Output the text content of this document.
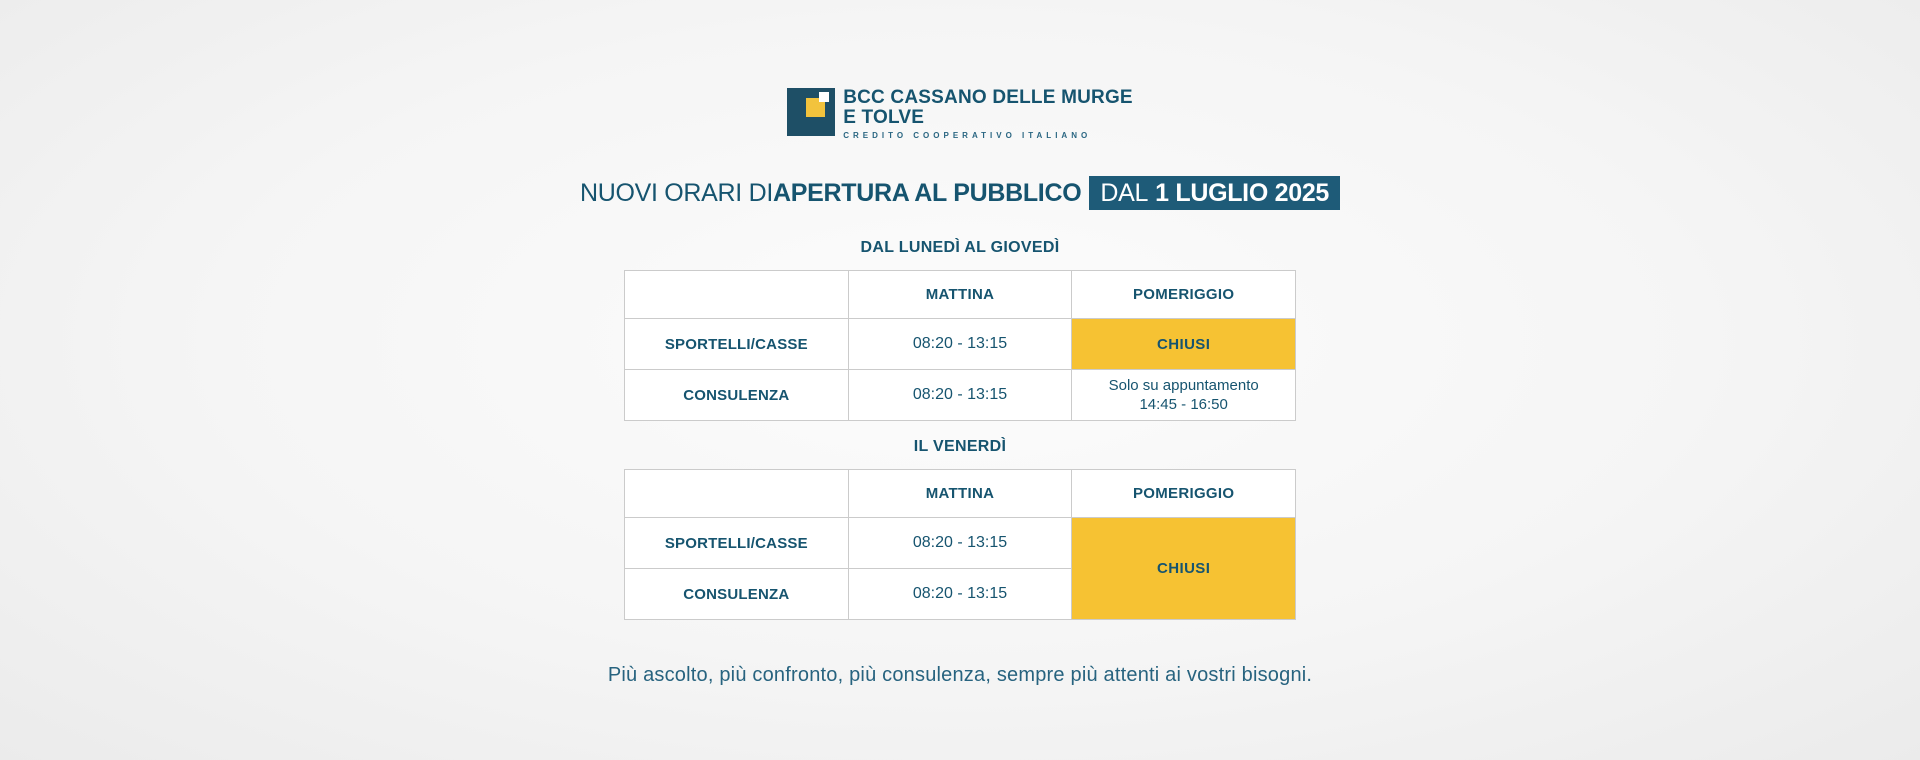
BCC CASSANO DELLE MURGE
E TOLVE
CREDITO COOPERATIVO ITALIANO
NUOVI ORARI DI APERTURA AL PUBBLICO DAL 1 LUGLIO 2025
DAL LUNEDÌ AL GIOVEDÌ
	MATTINA	POMERIGGIO
SPORTELLI/CASSE	08:20 - 13:15	CHIUSI
CONSULENZA	08:20 - 13:15	Solo su appuntamento
14:45 - 16:50
IL VENERDÌ
	MATTINA	POMERIGGIO
SPORTELLI/CASSE	08:20 - 13:15	CHIUSI
CONSULENZA	08:20 - 13:15	
Più ascolto, più confronto, più consulenza, sempre più attenti ai vostri bisogni.
